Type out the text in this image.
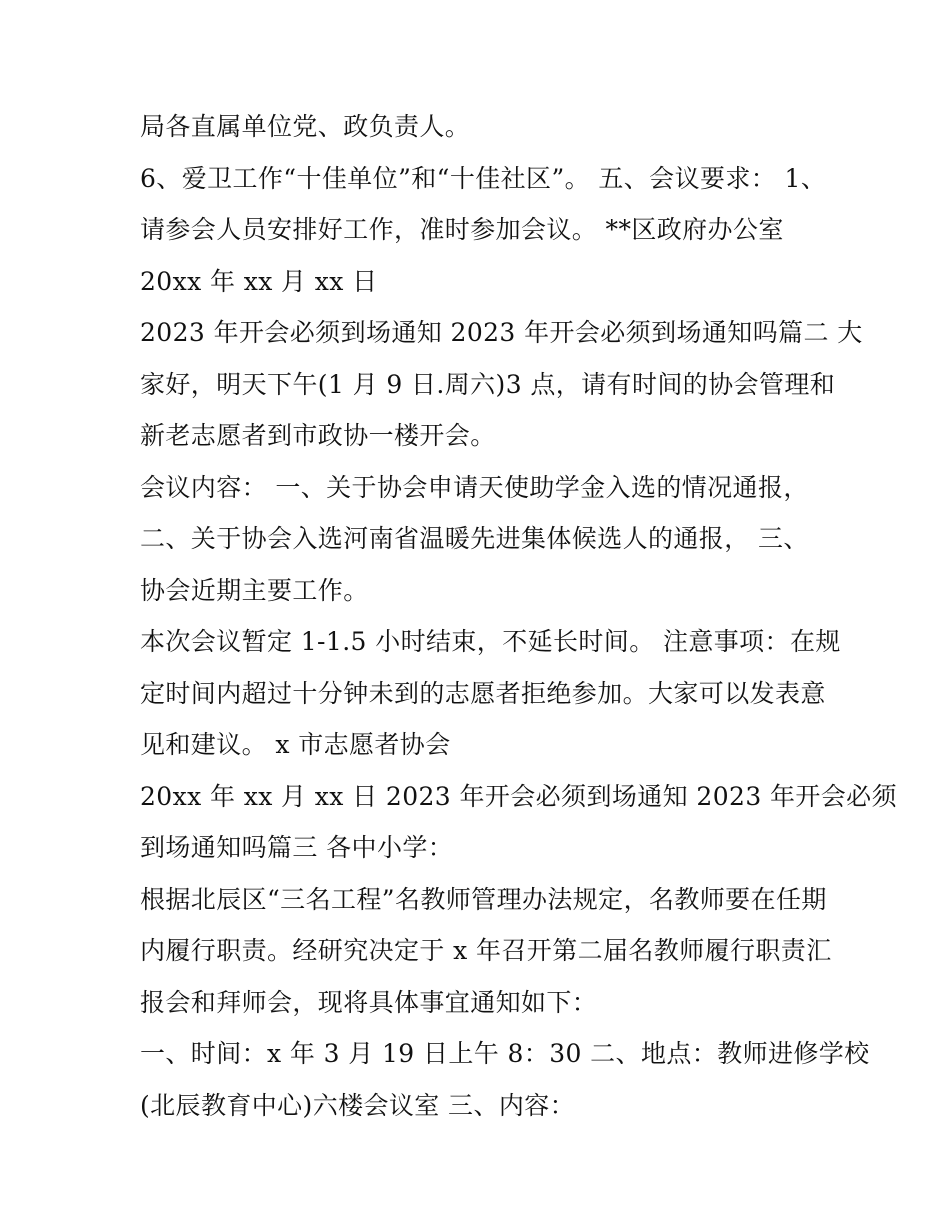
局各直属单位党、政负责人。
6、爱卫工作“十佳单位”和“十佳社区”。 五、会议要求： 1、
请参会人员安排好工作，准时参加会议。 **区政府办公室
20xx 年 xx 月 xx 日
2023 年开会必须到场通知 2023 年开会必须到场通知吗篇二 大
家好，明天下午(1 月 9 日.周六)3 点，请有时间的协会管理和
新老志愿者到市政协一楼开会。
会议内容： 一、关于协会申请天使助学金入选的情况通报，
二、关于协会入选河南省温暖先进集体候选人的通报， 三、
协会近期主要工作。
本次会议暂定 1-1.5 小时结束，不延长时间。 注意事项：在规
定时间内超过十分钟未到的志愿者拒绝参加。大家可以发表意
见和建议。 x 市志愿者协会
20xx 年 xx 月 xx 日 2023 年开会必须到场通知 2023 年开会必须
到场通知吗篇三 各中小学：
根据北辰区“三名工程”名教师管理办法规定，名教师要在任期
内履行职责。经研究决定于 x 年召开第二届名教师履行职责汇
报会和拜师会，现将具体事宜通知如下：
一、时间：x 年 3 月 19 日上午 8：30 二、地点：教师进修学校
(北辰教育中心)六楼会议室 三、内容：
